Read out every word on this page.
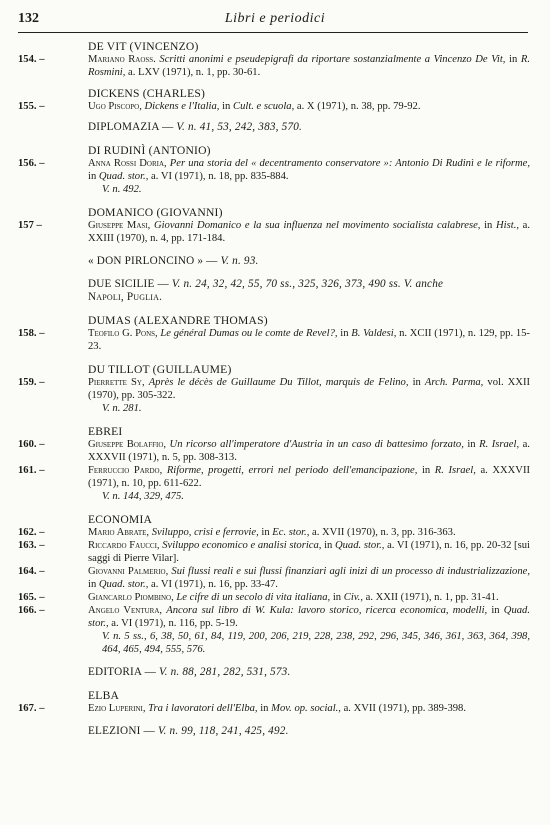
132	Libri e periodici
DE VIT (VINCENZO)
154. –	Mariano Raoss. Scritti anonimi e pseudepigrafi da riportare sostanzialmente a Vincenzo De Vit, in R. Rosmini, a. LXV (1971), n. 1, pp. 30-61.
DICKENS (CHARLES)
155. –	Ugo Piscopo, Dickens e l'Italia, in Cult. e scuola, a. X (1971), n. 38, pp. 79-92.
DIPLOMAZIA — V. n. 41, 53, 242, 383, 570.
DI RUDINÌ (ANTONIO)
156. –	Anna Rossi Doria, Per una storia del « decentramento conservatore »: Antonio Di Rudinì e le riforme, in Quad. stor., a. VI (1971), n. 18, pp. 835-884.
V. n. 492.
DOMANICO (GIOVANNI)
157 –	Giuseppe Masi, Giovanni Domanico e la sua influenza nel movimento socialista calabrese, in Hist., a. XXIII (1970), n. 4, pp. 171-184.
« DON PIRLONCINO » — V. n. 93.
DUE SICILIE — V. n. 24, 32, 42, 55, 70 ss., 325, 326, 373, 490 ss. V. anche
Napoli, Puglia.
DUMAS (ALEXANDRE THOMAS)
158. –	Teofilo G. Pons, Le général Dumas ou le comte de Revel?, in B. Valdesi, n. XCII (1971), n. 129, pp. 15-23.
DU TILLOT (GUILLAUME)
159. –	Pierrette Sy, Après le décès de Guillaume Du Tillot, marquis de Felino, in Arch. Parma, vol. XXII (1970), pp. 305-322.
V. n. 281.
EBREI
160. –	Giuseppe Bolaffio, Un ricorso all'imperatore d'Austria in un caso di battesimo forzato, in R. Israel, a. XXXVII (1971), n. 5, pp. 308-313.
161. –	Ferruccio Pardo, Riforme, progetti, errori nel periodo dell'emancipazione, in R. Israel, a. XXXVII (1971), n. 10, pp. 611-622.
V. n. 144, 329, 475.
ECONOMIA
162. –	Mario Abrate, Sviluppo, crisi e ferrovie, in Ec. stor., a. XVII (1970), n. 3, pp. 316-363.
163. –	Riccardo Faucci, Sviluppo economico e analisi storica, in Quad. stor., a. VI (1971), n. 16, pp. 20-32 [sui saggi di Pierre Vilar].
164. –	Giovanni Palmerio, Sui flussi reali e sui flussi finanziari agli inizi di un processo di industrializzazione, in Quad. stor., a. VI (1971), n. 16, pp. 33-47.
165. –	Giancarlo Piombino, Le cifre di un secolo di vita italiana, in Civ., a. XXII (1971), n. 1, pp. 31-41.
166. –	Angelo Ventura, Ancora sul libro di W. Kula: lavoro storico, ricerca economica, modelli, in Quad. stor., a. VI (1971), n. 116, pp. 5-19.
V. n. 5 ss., 6, 38, 50, 61, 84, 119, 200, 206, 219, 228, 238, 292, 296, 345, 346, 361, 363, 364, 398, 464, 465, 494, 555, 576.
EDITORIA — V. n. 88, 281, 282, 531, 573.
ELBA
167. –	Ezio Luperini, Tra i lavoratori dell'Elba, in Mov. op. social., a. XVII (1971), pp. 389-398.
ELEZIONI — V. n. 99, 118, 241, 425, 492.
